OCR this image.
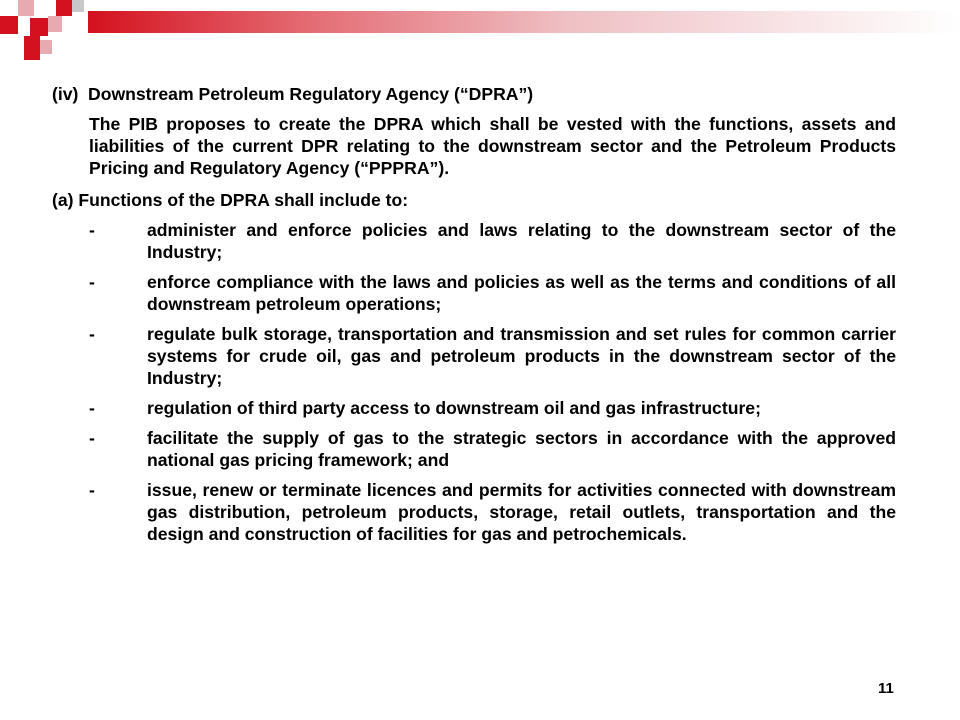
(iv) Downstream Petroleum Regulatory Agency (“DPRA”)

The PIB proposes to create the DPRA which shall be vested with the functions, assets and liabilities of the current DPR relating to the downstream sector and the Petroleum Products Pricing and Regulatory Agency (“PPPRA”).

(a) Functions of the DPRA shall include to:
-	administer and enforce policies and laws relating to the downstream sector of the Industry;
-	enforce compliance with the laws and policies as well as the terms and conditions of all downstream petroleum operations;
-	regulate bulk storage, transportation and transmission and set rules for common carrier systems for crude oil, gas and petroleum products in the downstream sector of the Industry;
-	regulation of third party access to downstream oil and gas infrastructure;
-	facilitate the supply of gas to the strategic sectors in accordance with the approved national gas pricing framework; and
-	issue, renew or terminate licences and permits for activities connected with downstream gas distribution, petroleum products, storage, retail outlets, transportation and the design and construction of facilities for gas and petrochemicals.
11
